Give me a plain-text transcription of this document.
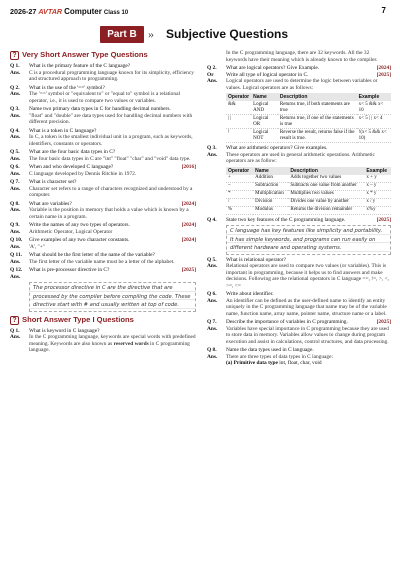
2026-27 AVTAR Computer Class 10	7
Part B » Subjective Questions
? Very Short Answer Type Questions
Q 1.	What is the primary feature of the C language?
Ans.	C is a procedural programming language known for its simplicity, efficiency and structured approach to programming.
Q 2.	What is the use of the '==' symbol?
Ans.	The '==' symbol or "equivalent to" or "equal to" symbol is a relational operator, i.e., it is used to compare two values or variables.
Q 3.	Name two primary data types in C for handling decimal numbers.
Ans.	"float" and "double" are data types used for handling decimal numbers with different precision.
Q 4.	What is a token in C language?
Ans.	In C, a token is the smallest individual unit in a program, such as keywords, identifiers, constants or operators.
Q 5.	What are the four basic data types in C?
Ans.	The four basic data types in C are "int" "float" "char" and "void" data type.
Q 6.	[2016]
When and who developed C language?
Ans.	C language developed by Dennis Ritchie in 1972.
Q 7.	What is character set?
Ans.	Character set refers to a range of characters recognized and understood by a computer.
Q 8.	[2024]
What are variables?
Ans.	Variable is the position in memory that holds a value which is known by a certain name in a program.
Q 9.	[2024]
Write the names of any two types of operators.
Ans.	Arithmetic Operator, Logical Operator
Q 10.	[2024]
Give examples of any two character constants.
Ans.	'A', "+"
Q 11.	What should be the first letter of the name of the variable?
Ans.	The first letter of the variable name must be a letter of the alphabet.
Q 12.	[2025]
What is pre-processor directive in C?
Ans.
The processor directive in C are the directive that are processed by the compiler before compiling the code. These directive start with # and usually written at top of code.
? Short Answer Type I Questions
Q 1.	What is keyword in C language?
Ans.	In the C programming language, keywords are special words with predefined meaning. Keywords are also known as reserved words in C programming language.
In the C programming language, there are 32 keywords. All the 32 keywords have their meaning which is already known to the compiler.
Q 2.	[2024]
What are logical operators? Give Example.
Or	[2025]
Write all type of logical operator in C.
Ans.	Logical operators are used to determine the logic between variables or values. Logical operators are as follows:
Operator	Name	Description	Example
&&	Logical AND	Returns true, if both statements are true	x< 5 && x< 10
| |	Logical OR	Returns true, if one of the statements is true	x< 5 | | x< 4
!	Logical NOT	Reverse the result, returns false if the result is true.	!(x< 5 && x< 10)
Q 3.	What are arithmetic operators? Give examples.
Ans.	These operators are used in general arithmetic operations. Arithmetic operators are as follow:
Operator	Name	Description	Example
+	Addition	Adds together two values	x + y
–	Subtraction	Subtracts one value from another	x – y
*	Multiplication	Multiplies two values	x * y
/	Division	Divides one value by another	x / y
%	Modulus	Returns the division remainder	x%y
Q 4.	[2025]
State two key features of the C programming language.
C language has key features like simplicity and portability. It has simple keywords, and programs can run easily on different hardware and operating systems.
Q 5.	What is relational operator?
Ans.	Relational operators are used to compare two values (or variables). This is important in programming, because it helps us to find answers and make decisions. Following are the relational operators in C language ==, !=, >, <, >=, <=
Q 6.	Write about identifier.
Ans.	An identifier can be defined as the user-defined name to identify an entity uniquely in the C programming language that name may be of the variable name, function name, array name, pointer name, structure name or a label.
Q 7.	[2025]
Describe the importance of variables in C programming.
Ans.	Variables have special importance in C programming because they are used to store data in memory. Variables allow values to change during program execution and assist in calculations, control structures, and data processing.
Q 8.	Name the data types used in C language.
Ans.	There are three types of data types in C language:
(a) Primitive data type int, float, char, void
